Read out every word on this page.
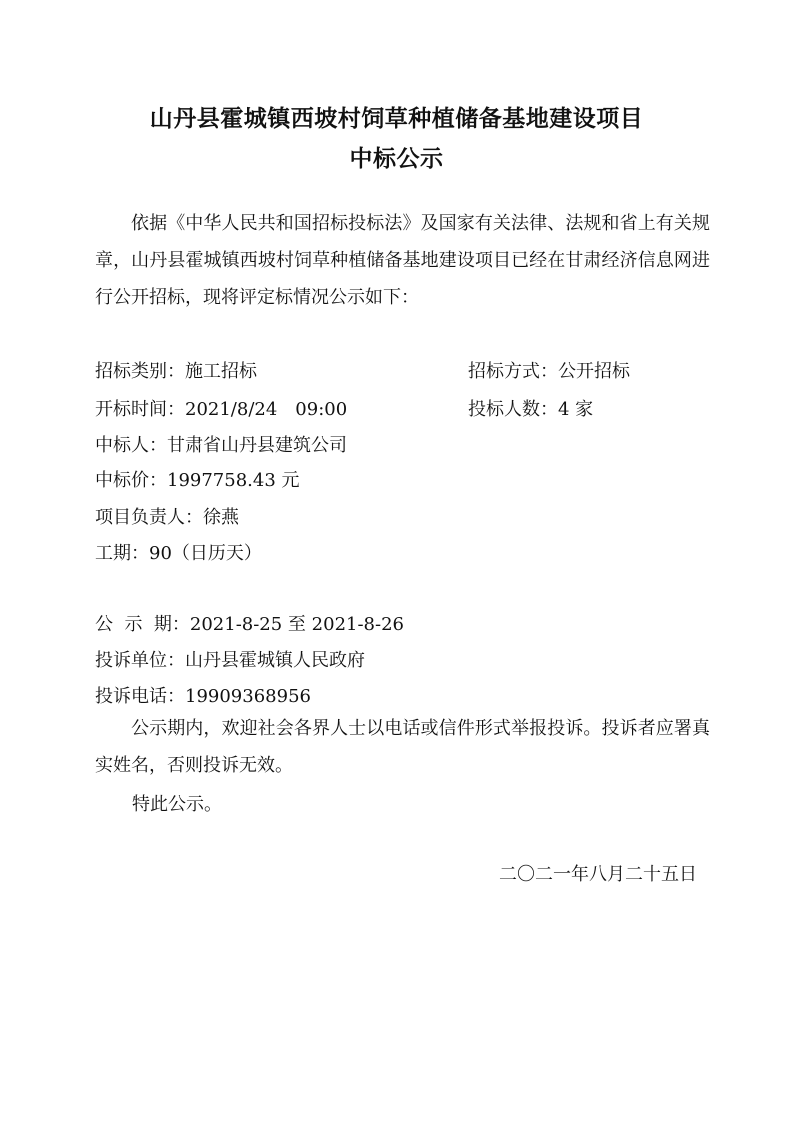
山丹县霍城镇西坡村饲草种植储备基地建设项目
中标公示
依据《中华人民共和国招标投标法》及国家有关法律、法规和省上有关规章，山丹县霍城镇西坡村饲草种植储备基地建设项目已经在甘肃经济信息网进行公开招标，现将评定标情况公示如下：
招标类别：施工招标	招标方式：公开招标
开标时间：2021/8/24　09:00	投标人数：4 家
中标人：甘肃省山丹县建筑公司
中标价：1997758.43 元
项目负责人：徐燕
工期：90（日历天）
公  示  期：2021-8-25 至 2021-8-26
投诉单位：山丹县霍城镇人民政府
投诉电话：19909368956
公示期内，欢迎社会各界人士以电话或信件形式举报投诉。投诉者应署真实姓名，否则投诉无效。
特此公示。
二〇二一年八月二十五日
